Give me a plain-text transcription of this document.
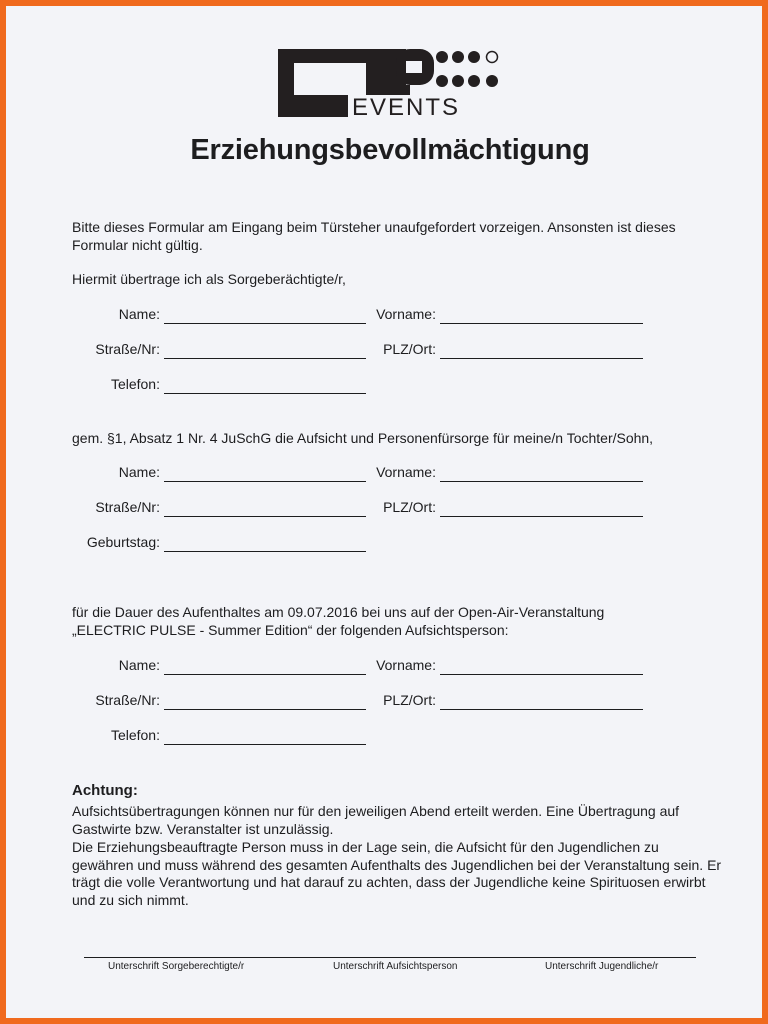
EVENTS
Erziehungsbevollmächtigung

Bitte dieses Formular am Eingang beim Türsteher unaufgefordert vorzeigen. Ansonsten ist dieses Formular nicht gültig.

Hiermit übertrage ich als Sorgeberächtigte/r,

Name:	Vorname:
Straße/Nr:	PLZ/Ort:
Telefon:

gem. §1, Absatz 1 Nr. 4 JuSchG die Aufsicht und Personenfürsorge für meine/n Tochter/Sohn,

Name:	Vorname:
Straße/Nr:	PLZ/Ort:
Geburtstag:

für die Dauer des Aufenthaltes am 09.07.2016 bei uns auf der Open-Air-Veranstaltung

„ELECTRIC PULSE - Summer Edition“ der folgenden Aufsichtsperson:

Name:	Vorname:
Straße/Nr:	PLZ/Ort:
Telefon:

Achtung:

Aufsichtsübertragungen können nur für den jeweiligen Abend erteilt werden. Eine Übertragung auf Gastwirte bzw. Veranstalter ist unzulässig.

Die Erziehungsbeauftragte Person muss in der Lage sein, die Aufsicht für den Jugendlichen zu gewähren und muss während des gesamten Aufenthalts des Jugendlichen bei der Veranstaltung sein. Er trägt die volle Verantwortung und hat darauf zu achten, dass der Jugendliche keine Spirituosen erwirbt und zu sich nimmt.

Unterschrift Sorgeberechtigte/r	Unterschrift Aufsichtsperson	Unterschrift Jugendliche/r
